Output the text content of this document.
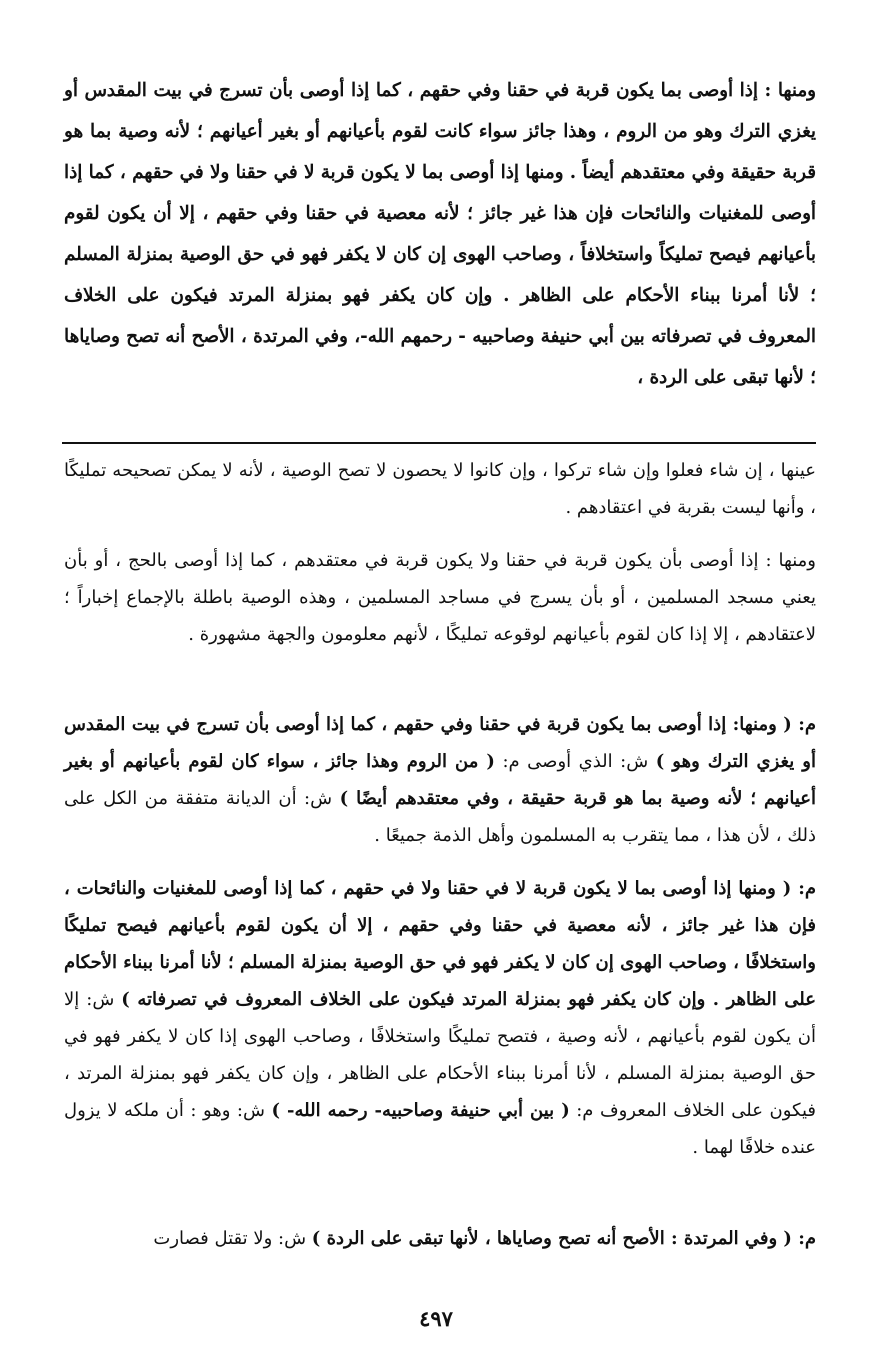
ومنها : إذا أوصى بما يكون قربة في حقنا وفي حقهم ، كما إذا أوصى بأن تسرج في بيت المقدس أو يغزي الترك وهو من الروم ، وهذا جائز سواء كانت لقوم بأعيانهم أو بغير أعيانهم ؛ لأنه وصية بما هو قربة حقيقة وفي معتقدهم أيضاً . ومنها إذا أوصى بما لا يكون قربة لا في حقنا ولا في حقهم ، كما إذا أوصى للمغنيات والنائحات فإن هذا غير جائز ؛ لأنه معصية في حقنا وفي حقهم ، إلا أن يكون لقوم بأعيانهم فيصح تمليكاً واستخلافاً ، وصاحب الهوى إن كان لا يكفر فهو في حق الوصية بمنزلة المسلم ؛ لأنا أمرنا ببناء الأحكام على الظاهر . وإن كان يكفر فهو بمنزلة المرتد فيكون على الخلاف المعروف في تصرفاته بين أبي حنيفة وصاحبيه - رحمهم الله-، وفي المرتدة ، الأصح أنه تصح وصاياها ؛ لأنها تبقى على الردة ،

عينها ، إن شاء فعلوا وإن شاء تركوا ، وإن كانوا لا يحصون لا تصح الوصية ، لأنه لا يمكن تصحيحه تمليكًا ، وأنها ليست بقربة في اعتقادهم .

ومنها : إذا أوصى بأن يكون قربة في حقنا ولا يكون قربة في معتقدهم ، كما إذا أوصى بالحج ، أو بأن يعني مسجد المسلمين ، أو بأن يسرج في مساجد المسلمين ، وهذه الوصية باطلة بالإجماع إخباراً ؛ لاعتقادهم ، إلا إذا كان لقوم بأعيانهم لوقوعه تمليكًا ، لأنهم معلومون والجهة مشهورة .

م: ( ومنها: إذا أوصى بما يكون قربة في حقنا وفي حقهم ، كما إذا أوصى بأن تسرج في بيت المقدس أو يغزي الترك وهو ) ش: الذي أوصى م: ( من الروم وهذا جائز ، سواء كان لقوم بأعيانهم أو بغير أعيانهم ؛ لأنه وصية بما هو قربة حقيقة ، وفي معتقدهم أيضًا ) ش: أن الديانة متفقة من الكل على ذلك ، لأن هذا ، مما يتقرب به المسلمون وأهل الذمة جميعًا .

م: ( ومنها إذا أوصى بما لا يكون قربة لا في حقنا ولا في حقهم ، كما إذا أوصى للمغنيات والنائحات ، فإن هذا غير جائز ، لأنه معصية في حقنا وفي حقهم ، إلا أن يكون لقوم بأعيانهم فيصح تمليكًا واستخلافًا ، وصاحب الهوى إن كان لا يكفر فهو في حق الوصية بمنزلة المسلم ؛ لأنا أمرنا ببناء الأحكام على الظاهر . وإن كان يكفر فهو بمنزلة المرتد فيكون على الخلاف المعروف في تصرفاته ) ش: إلا أن يكون لقوم بأعيانهم ، لأنه وصية ، فتصح تمليكًا واستخلافًا ، وصاحب الهوى إذا كان لا يكفر فهو في حق الوصية بمنزلة المسلم ، لأنا أمرنا ببناء الأحكام على الظاهر ، وإن كان يكفر فهو بمنزلة المرتد ، فيكون على الخلاف المعروف م: ( بين أبي حنيفة وصاحبيه- رحمه الله- ) ش: وهو : أن ملكه لا يزول عنده خلافًا لهما .

م: ( وفي المرتدة : الأصح أنه تصح وصاياها ، لأنها تبقى على الردة ) ش: ولا تقتل فصارت

٤٩٧
